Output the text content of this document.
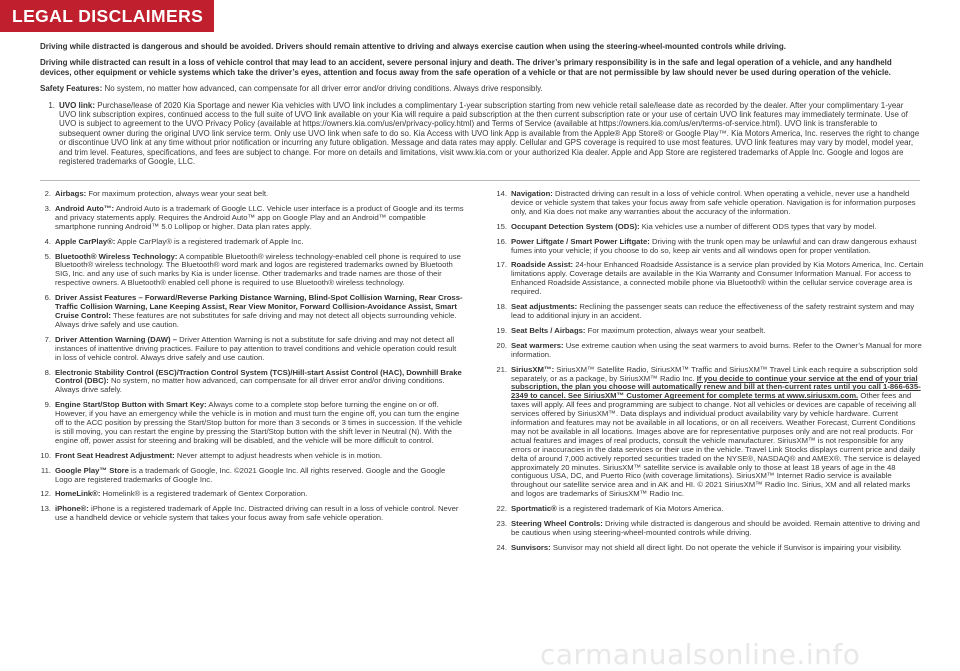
LEGAL DISCLAIMERS

Driving while distracted is dangerous and should be avoided. Drivers should remain attentive to driving and always exercise caution when using the steering-wheel-mounted controls while driving.

Driving while distracted can result in a loss of vehicle control that may lead to an accident, severe personal injury and death. The driver’s primary responsibility is in the safe and legal operation of a vehicle, and any handheld devices, other equipment or vehicle systems which take the driver’s eyes, attention and focus away from the safe operation of a vehicle or that are not permissible by law should never be used during operation of the vehicle.

Safety Features: No system, no matter how advanced, can compensate for all driver error and/or driving conditions. Always drive responsibly.

1. UVO link: Purchase/lease of 2020 Kia Sportage and newer Kia vehicles with UVO link includes a complimentary 1-year subscription starting from new vehicle retail sale/lease date as recorded by the dealer. After your complimentary 1-year UVO link subscription expires, continued access to the full suite of UVO link available on your Kia will require a paid subscription at the then current subscription rate or your use of certain UVO link features may immediately terminate. Use of UVO is subject to agreement to the UVO Privacy Policy (available at https://owners.kia.com/us/en/privacy-policy.html) and Terms of Service (available at https://owners.kia.com/us/en/terms-of-service.html). UVO link is transferable to subsequent owner during the original UVO link service term. Only use UVO link when safe to do so. Kia Access with UVO link App is available from the Apple® App Store® or Google Play™. Kia Motors America, Inc. reserves the right to change or discontinue UVO link at any time without prior notification or incurring any future obligation. Message and data rates may apply. Cellular and GPS coverage is required to use most features. UVO link features may vary by model, model year, and trim level. Features, specifications, and fees are subject to change. For more on details and limitations, visit www.kia.com or your authorized Kia dealer. Apple and App Store are registered trademarks of Apple Inc. Google and logos are registered trademarks of Google, LLC.
2. Airbags: For maximum protection, always wear your seat belt.
3. Android Auto™: Android Auto is a trademark of Google LLC. Vehicle user interface is a product of Google and its terms and privacy statements apply. Requires the Android Auto™ app on Google Play and an Android™ compatible smartphone running Android™ 5.0 Lollipop or higher. Data plan rates apply.
4. Apple CarPlay®: Apple CarPlay® is a registered trademark of Apple Inc.
5. Bluetooth® Wireless Technology: A compatible Bluetooth® wireless technology-enabled cell phone is required to use Bluetooth® wireless technology. The Bluetooth® word mark and logos are registered trademarks owned by Bluetooth SIG, Inc. and any use of such marks by Kia is under license. Other trademarks and trade names are those of their respective owners. A Bluetooth® enabled cell phone is required to use Bluetooth® wireless technology.
6. Driver Assist Features – Forward/Reverse Parking Distance Warning, Blind-Spot Collision Warning, Rear Cross-Traffic Collision Warning, Lane Keeping Assist, Rear View Monitor, Forward Collision-Avoidance Assist, Smart Cruise Control: These features are not substitutes for safe driving and may not detect all objects surrounding vehicle. Always drive safely and use caution.
7. Driver Attention Warning (DAW) – Driver Attention Warning is not a substitute for safe driving and may not detect all instances of inattentive driving practices. Failure to pay attention to travel conditions and vehicle operation could result in loss of vehicle control. Always drive safely and use caution.
8. Electronic Stability Control (ESC)/Traction Control System (TCS)/Hill-start Assist Control (HAC), Downhill Brake Control (DBC): No system, no matter how advanced, can compensate for all driver error and/or driving conditions. Always drive safely.
9. Engine Start/Stop Button with Smart Key: Always come to a complete stop before turning the engine on or off. However, if you have an emergency while the vehicle is in motion and must turn the engine off, you can turn the engine off to the ACC position by pressing the Start/Stop button for more than 3 seconds or 3 times in succession. If the vehicle is still moving, you can restart the engine by pressing the Start/Stop button with the shift lever in Neutral (N). With the engine off, power assist for steering and braking will be disabled, and the vehicle will be more difficult to control.
10. Front Seat Headrest Adjustment: Never attempt to adjust headrests when vehicle is in motion.
11. Google Play™ Store is a trademark of Google, Inc. ©2021 Google Inc. All rights reserved. Google and the Google Logo are registered trademarks of Google Inc.
12. HomeLink®: Homelink® is a registered trademark of Gentex Corporation.
13. iPhone®: iPhone is a registered trademark of Apple Inc. Distracted driving can result in a loss of vehicle control. Never use a handheld device or vehicle system that takes your focus away from safe vehicle operation.
14. Navigation: Distracted driving can result in a loss of vehicle control. When operating a vehicle, never use a handheld device or vehicle system that takes your focus away from safe vehicle operation. Navigation is for information purposes only, and Kia does not make any warranties about the accuracy of the information.
15. Occupant Detection System (ODS): Kia vehicles use a number of different ODS types that vary by model.
16. Power Liftgate / Smart Power Liftgate: Driving with the trunk open may be unlawful and can draw dangerous exhaust fumes into your vehicle; if you choose to do so, keep air vents and all windows open for proper ventilation.
17. Roadside Assist: 24-hour Enhanced Roadside Assistance is a service plan provided by Kia Motors America, Inc. Certain limitations apply. Coverage details are available in the Kia Warranty and Consumer Information Manual. For access to Enhanced Roadside Assistance, a connected mobile phone via Bluetooth® within the cellular service coverage area is required.
18. Seat adjustments: Reclining the passenger seats can reduce the effectiveness of the safety restraint system and may lead to additional injury in an accident.
19. Seat Belts / Airbags: For maximum protection, always wear your seatbelt.
20. Seat warmers: Use extreme caution when using the seat warmers to avoid burns. Refer to the Owner’s Manual for more information.
21. SiriusXM™: SiriusXM™ Satellite Radio, SiriusXM™ Traffic and SiriusXM™ Travel Link each require a subscription sold separately, or as a package, by SiriusXM™ Radio Inc. If you decide to continue your service at the end of your trial subscription, the plan you choose will automatically renew and bill at then-current rates until you call 1-866-635-2349 to cancel. See SiriusXM™ Customer Agreement for complete terms at www.siriusxm.com. Other fees and taxes will apply. All fees and programming are subject to change. Not all vehicles or devices are capable of receiving all services offered by SiriusXM™. Data displays and individual product availability vary by vehicle hardware. Current information and features may not be available in all locations, or on all receivers. Weather Forecast, Current Conditions may not be available in all locations. Images above are for representative purposes only and are not real products. For actual features and images of real products, consult the vehicle manufacturer. SiriusXM™ is not responsible for any errors or inaccuracies in the data services or their use in the vehicle. Travel Link Stocks displays current price and daily delta of around 7,000 actively reported securities traded on the NYSE®, NASDAQ® and AMEX®. The service is delayed approximately 20 minutes. SiriusXM™ satellite service is available only to those at least 18 years of age in the 48 contiguous USA, DC, and Puerto Rico (with coverage limitations). SiriusXM™ Internet Radio service is available throughout our satellite service area and in AK and HI. © 2021 SiriusXM™ Radio Inc. Sirius, XM and all related marks and logos are trademarks of SiriusXM™ Radio Inc.
22. Sportmatic® is a registered trademark of Kia Motors America.
23. Steering Wheel Controls: Driving while distracted is dangerous and should be avoided. Remain attentive to driving and be cautious when using steering-wheel-mounted controls while driving.
24. Sunvisors: Sunvisor may not shield all direct light. Do not operate the vehicle if Sunvisor is impairing your visibility.
carmanualsonline.info
